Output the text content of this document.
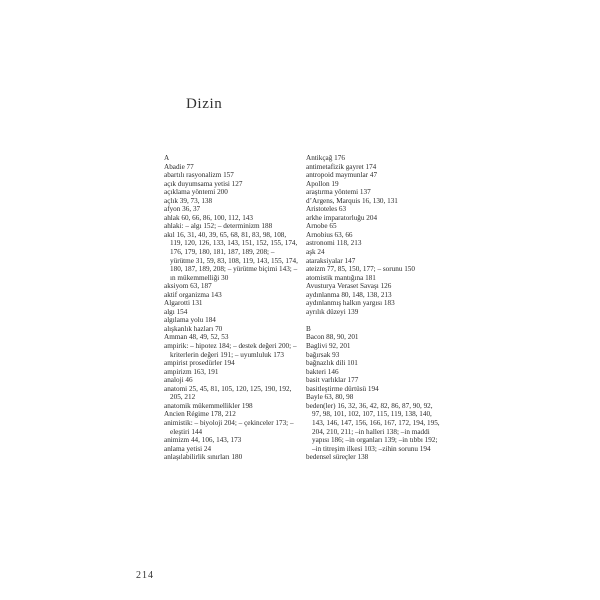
Dizin
A
Abadie 77
abartılı rasyonalizm 157
açık duyumsama yetisi 127
açıklama yöntemi 200
açlık 39, 73, 138
afyon 36, 37
ahlak 60, 66, 86, 100, 112, 143
ahlaki: – algı 152; – determinizm 188
akıl 16, 31, 40, 39, 65, 68, 81, 83, 98, 108, 119, 120, 126, 133, 143, 151, 152, 155, 174, 176, 179, 180, 181, 187, 189, 208; – yürütme 31, 59, 83, 108, 119, 143, 155, 174, 180, 187, 189, 208; – yürütme biçimi 143; – ın mükemmelliği 30
aksiyom 63, 187
aktif organizma 143
Algarotti 131
algı 154
algılama yolu 184
alışkanlık hazları 70
Amman 48, 49, 52, 53
ampirik: – hipotez 184; – destek değeri 200; – kriterlerin değeri 191; – uyumluluk 173
ampirist prosedürler 194
ampirizm 163, 191
analoji 46
anatomi 25, 45, 81, 105, 120, 125, 190, 192, 205, 212
anatomik mükemmellikler 198
Ancien Régime 178, 212
animistik: – biyoloji 204; – çekinceler 173; – eleştiri 144
animizm 44, 106, 143, 173
anlama yetisi 24
anlaşılabilirlik sınırları 180
Antikçağ 176
antimetafizik gayret 174
antropoid maymunlar 47
Apollon 19
araştırma yöntemi 137
d’Argens, Marquis 16, 130, 131
Aristoteles 63
arkhe imparatorluğu 204
Arnobe 65
Arnobius 63, 66
astronomi 118, 213
aşk 24
ataraksiyalar 147
ateizm 77, 85, 150, 177; – sorunu 150
atomistik mantığına 181
Avusturya Veraset Savaşı 126
aydınlanma 80, 148, 138, 213
aydınlanmış halkın yargısı 183
ayrılık düzeyi 139
B
Bacon 88, 90, 201
Baglivi 92, 201
bağırsak 93
bağnazlık dili 101
bakteri 146
basit varlıklar 177
basitleştirme dürtüsü 194
Bayle 63, 80, 98
beden(ler) 16, 32, 36, 42, 82, 86, 87, 90, 92, 97, 98, 101, 102, 107, 115, 119, 138, 140, 143, 146, 147, 156, 166, 167, 172, 194, 195, 204, 210, 211; –in halleri 138; –in maddi yapısı 186; –in organları 139; –in tıbbı 192; –in titreşim ilkesi 103; –zihin sorunu 194
bedensel süreçler 138
214
